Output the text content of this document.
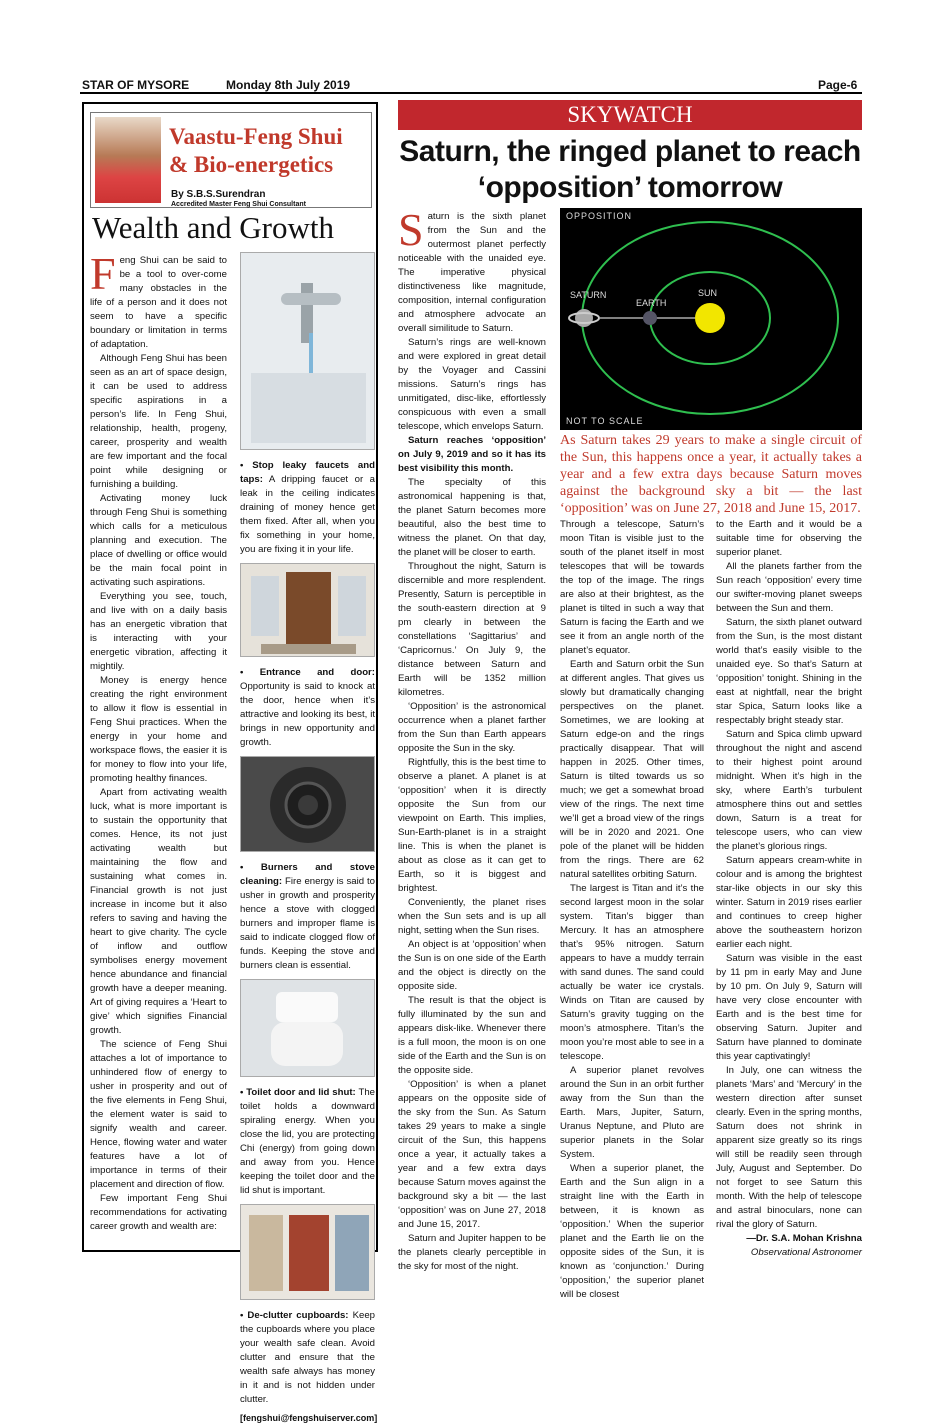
STAR OF MYSORE	Monday 8th July 2019	Page-6
Vaastu-Feng Shui
& Bio-energetics
By S.B.S.Surendran
Accredited Master Feng Shui Consultant
Wealth and Growth

Feng Shui can be said to be a tool to over-come many obstacles in the life of a person and it does not seem to have a specific boundary or limitation in terms of adaptation.

Although Feng Shui has been seen as an art of space design, it can be used to address specific aspirations in a person’s life. In Feng Shui, relationship, health, progeny, career, prosperity and wealth are few important and the focal point while designing or furnishing a building.

Activating money luck through Feng Shui is something which calls for a meticulous planning and execution. The place of dwelling or office would be the main focal point in activating such aspirations.

Everything you see, touch, and live with on a daily basis has an energetic vibration that is interacting with your energetic vibration, affecting it mightily.

Money is energy hence creating the right environment to allow it flow is essential in Feng Shui practices. When the energy in your home and workspace flows, the easier it is for money to flow into your life, promoting healthy finances.

Apart from activating wealth luck, what is more important is to sustain the opportunity that comes. Hence, its not just activating wealth but maintaining the flow and sustaining what comes in. Financial growth is not just increase in income but it also refers to saving and having the heart to give charity. The cycle of inflow and outflow symbolises energy movement hence abundance and financial growth have a deeper meaning. Art of giving requires a ‘Heart to give’ which signifies Financial growth.

The science of Feng Shui attaches a lot of importance to unhindered flow of energy to usher in prosperity and out of the five elements in Feng Shui, the element water is said to signify wealth and career. Hence, flowing water and water features have a lot of importance in terms of their placement and direction of flow.

Few important Feng Shui recommendations for activating career growth and wealth are:

• Stop leaky faucets and taps: A dripping faucet or a leak in the ceiling indicates draining of money hence get them fixed. After all, when you fix something in your home, you are fixing it in your life.
• Entrance and door: Opportunity is said to knock at the door, hence when it’s attractive and looking its best, it brings in new opportunity and growth.
• Burners and stove cleaning: Fire energy is said to usher in growth and prosperity hence a stove with clogged burners and improper flame is said to indicate clogged flow of funds. Keeping the stove and burners clean is essential.
• Toilet door and lid shut: The toilet holds a downward spiraling energy. When you close the lid, you are protecting Chi (energy) from going down and away from you. Hence keeping the toilet door and the lid shut is important.
• De-clutter cupboards: Keep the cupboards where you place your wealth safe clean. Avoid clutter and ensure that the wealth safe always has money in it and is not hidden under clutter.
[fengshui@fengshuiserver.com]
SKYWATCH
Saturn, the ringed planet to reach ‘opposition’ tomorrow

Saturn is the sixth planet from the Sun and the outermost planet perfectly noticeable with the unaided eye. The imperative physical distinctiveness like magnitude, composition, internal configuration and atmosphere advocate an overall similitude to Saturn.

Saturn’s rings are well-known and were explored in great detail by the Voyager and Cassini missions. Saturn’s rings has unmitigated, disc-like, effortlessly conspicuous with even a small telescope, which envelops Saturn.

Saturn reaches ‘opposition’ on July 9, 2019 and so it has its best visibility this month.

The specialty of this astronomical happening is that, the planet Saturn becomes more beautiful, also the best time to witness the planet. On that day, the planet will be closer to earth.

Throughout the night, Saturn is discernible and more resplendent. Presently, Saturn is perceptible in the south-eastern direction at 9 pm clearly in between the constellations ‘Sagittarius’ and ‘Capricornus.’ On July 9, the distance between Saturn and Earth will be 1352 million kilometres.

‘Opposition’ is the astronomical occurrence when a planet farther from the Sun than Earth appears opposite the Sun in the sky.

Rightfully, this is the best time to observe a planet. A planet is at ‘opposition’ when it is directly opposite the Sun from our viewpoint on Earth. This implies, Sun-Earth-planet is in a straight line. This is when the planet is about as close as it can get to Earth, so it is biggest and brightest.

Conveniently, the planet rises when the Sun sets and is up all night, setting when the Sun rises.

An object is at ‘opposition’ when the Sun is on one side of the Earth and the object is directly on the opposite side.

The result is that the object is fully illuminated by the sun and appears disk-like. Whenever there is a full moon, the moon is on one side of the Earth and the Sun is on the opposite side.

‘Opposition’ is when a planet appears on the opposite side of the sky from the Sun. As Saturn takes 29 years to make a single circuit of the Sun, this happens once a year, it actually takes a year and a few extra days because Saturn moves against the background sky a bit — the last ‘opposition’ was on June 27, 2018 and June 15, 2017.

Saturn and Jupiter happen to be the planets clearly perceptible in the sky for most of the night.

OPPOSITION
SATURN
EARTH
SUN
NOT TO SCALE
As Saturn takes 29 years to make a single circuit of the Sun, this happens once a year, it actually takes a year and a few extra days because Saturn moves against the background sky a bit — the last ‘opposition’ was on June 27, 2018 and June 15, 2017.

Through a telescope, Saturn’s moon Titan is visible just to the south of the planet itself in most telescopes that will be towards the top of the image. The rings are also at their brightest, as the planet is tilted in such a way that Saturn is facing the Earth and we see it from an angle north of the planet’s equator.

Earth and Saturn orbit the Sun at different angles. That gives us slowly but dramatically changing perspectives on the planet. Sometimes, we are looking at Saturn edge-on and the rings practically disappear. That will happen in 2025. Other times, Saturn is tilted towards us so much; we get a somewhat broad view of the rings. The next time we’ll get a broad view of the rings will be in 2020 and 2021. One pole of the planet will be hidden from the rings. There are 62 natural satellites orbiting Saturn.

The largest is Titan and it’s the second largest moon in the solar system. Titan’s bigger than Mercury. It has an atmosphere that’s 95% nitrogen. Saturn appears to have a muddy terrain with sand dunes. The sand could actually be water ice crystals. Winds on Titan are caused by Saturn’s gravity tugging on the moon’s atmosphere. Titan’s the moon you’re most able to see in a telescope.

A superior planet revolves around the Sun in an orbit further away from the Sun than the Earth. Mars, Jupiter, Saturn, Uranus Neptune, and Pluto are superior planets in the Solar System.

When a superior planet, the Earth and the Sun align in a straight line with the Earth in between, it is known as ‘opposition.’ When the superior planet and the Earth lie on the opposite sides of the Sun, it is known as ‘conjunction.’ During ‘opposition,’ the superior planet will be closest

to the Earth and it would be a suitable time for observing the superior planet.

All the planets farther from the Sun reach ‘opposition’ every time our swifter-moving planet sweeps between the Sun and them.

Saturn, the sixth planet outward from the Sun, is the most distant world that’s easily visible to the unaided eye. So that’s Saturn at ‘opposition’ tonight. Shining in the east at nightfall, near the bright star Spica, Saturn looks like a respectably bright steady star.

Saturn and Spica climb upward throughout the night and ascend to their highest point around midnight. When it’s high in the sky, where Earth’s turbulent atmosphere thins out and settles down, Saturn is a treat for telescope users, who can view the planet’s glorious rings.

Saturn appears cream-white in colour and is among the brightest star-like objects in our sky this winter. Saturn in 2019 rises earlier and continues to creep higher above the southeastern horizon earlier each night.

Saturn was visible in the east by 11 pm in early May and June by 10 pm. On July 9, Saturn will have very close encounter with Earth and is the best time for observing Saturn. Jupiter and Saturn have planned to dominate this year captivatingly!

In July, one can witness the planets ‘Mars’ and ‘Mercury’ in the western direction after sunset clearly. Even in the spring months, Saturn does not shrink in apparent size greatly so its rings will still be readily seen through July, August and September. Do not forget to see Saturn this month. With the help of telescope and astral binoculars, none can rival the glory of Saturn.

—Dr. S.A. Mohan Krishna
Observational Astronomer
